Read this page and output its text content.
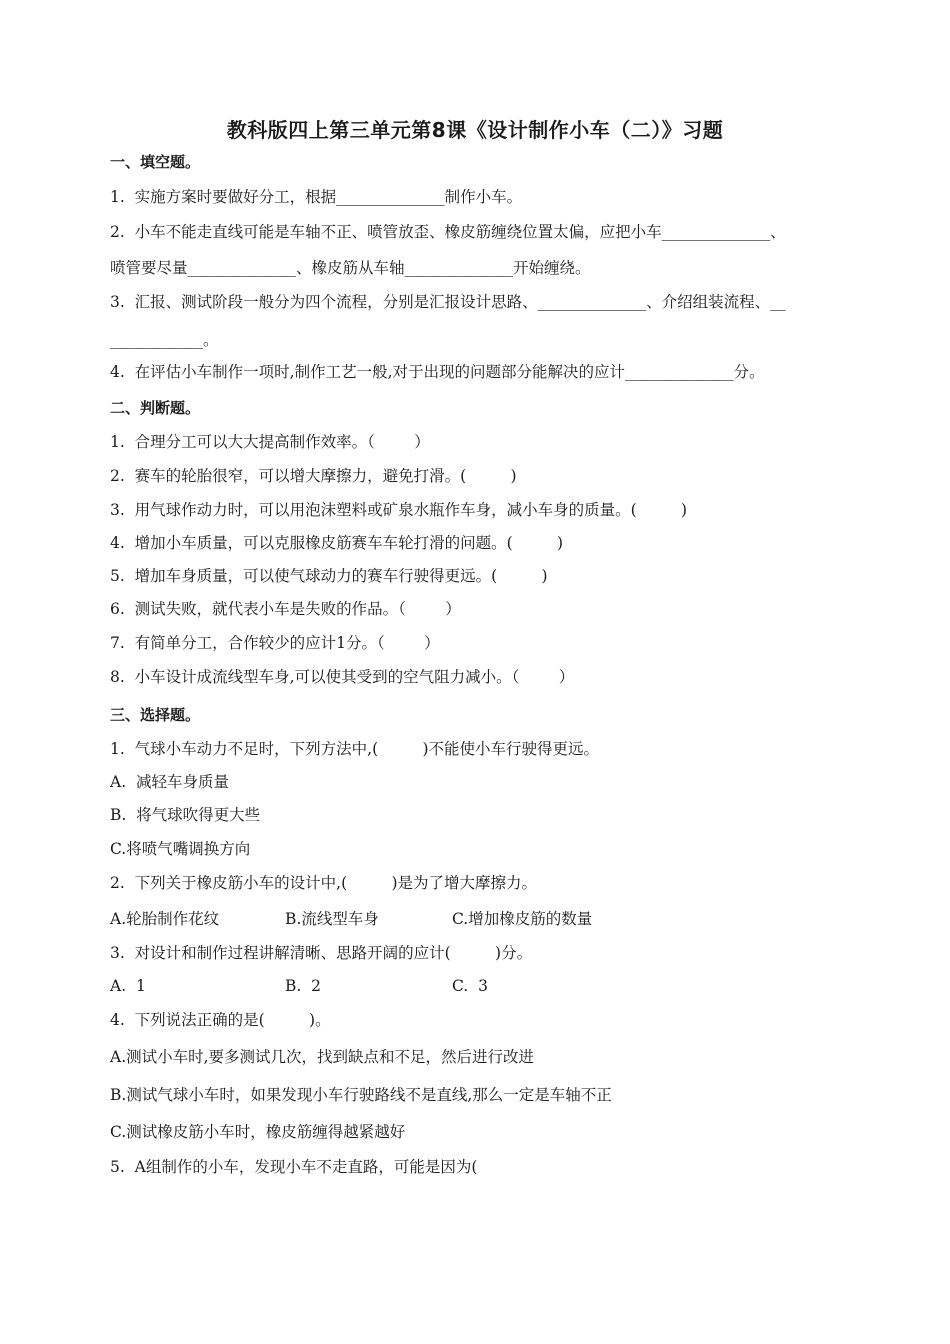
教科版四上第三单元第8课《设计制作小车（二）》习题
一、填空题。
1.  实施方案时要做好分工，根据______________制作小车。
2.  小车不能走直线可能是车轴不正、喷管放歪、橡皮筋缠绕位置太偏，应把小车______________、
喷管要尽量______________、橡皮筋从车轴______________开始缠绕。
3.  汇报、测试阶段一般分为四个流程，分别是汇报设计思路、______________、介绍组装流程、__
____________。
4.  在评估小车制作一项时,制作工艺一般,对于出现的问题部分能解决的应计______________分。
二、判断题。
1.  合理分工可以大大提高制作效率。（        ）
2.  赛车的轮胎很窄，可以增大摩擦力，避免打滑。(         )
3.  用气球作动力时，可以用泡沫塑料或矿泉水瓶作车身，减小车身的质量。(         )
4.  增加小车质量，可以克服橡皮筋赛车车轮打滑的问题。(         )
5.  增加车身质量，可以使气球动力的赛车行驶得更远。(         )
6.  测试失败，就代表小车是失败的作品。（        ）
7.  有简单分工，合作较少的应计1分。（        ）
8.  小车设计成流线型车身,可以使其受到的空气阻力减小。（        ）
三、选择题。
1.  气球小车动力不足时，下列方法中,(         )不能使小车行驶得更远。
A.  减轻车身质量
B.  将气球吹得更大些
C.将喷气嘴调换方向
2.  下列关于橡皮筋小车的设计中,(         )是为了增大摩擦力。
A.轮胎制作花纹	B.流线型车身	C.增加橡皮筋的数量
3.  对设计和制作过程讲解清晰、思路开阔的应计(         )分。
A.  1	B.  2	C.  3
4.  下列说法正确的是(         )。
A.测试小车时,要多测试几次，找到缺点和不足，然后进行改进
B.测试气球小车时，如果发现小车行驶路线不是直线,那么一定是车轴不正
C.测试橡皮筋小车时，橡皮筋缠得越紧越好
5.  A组制作的小车，发现小车不走直路，可能是因为(
